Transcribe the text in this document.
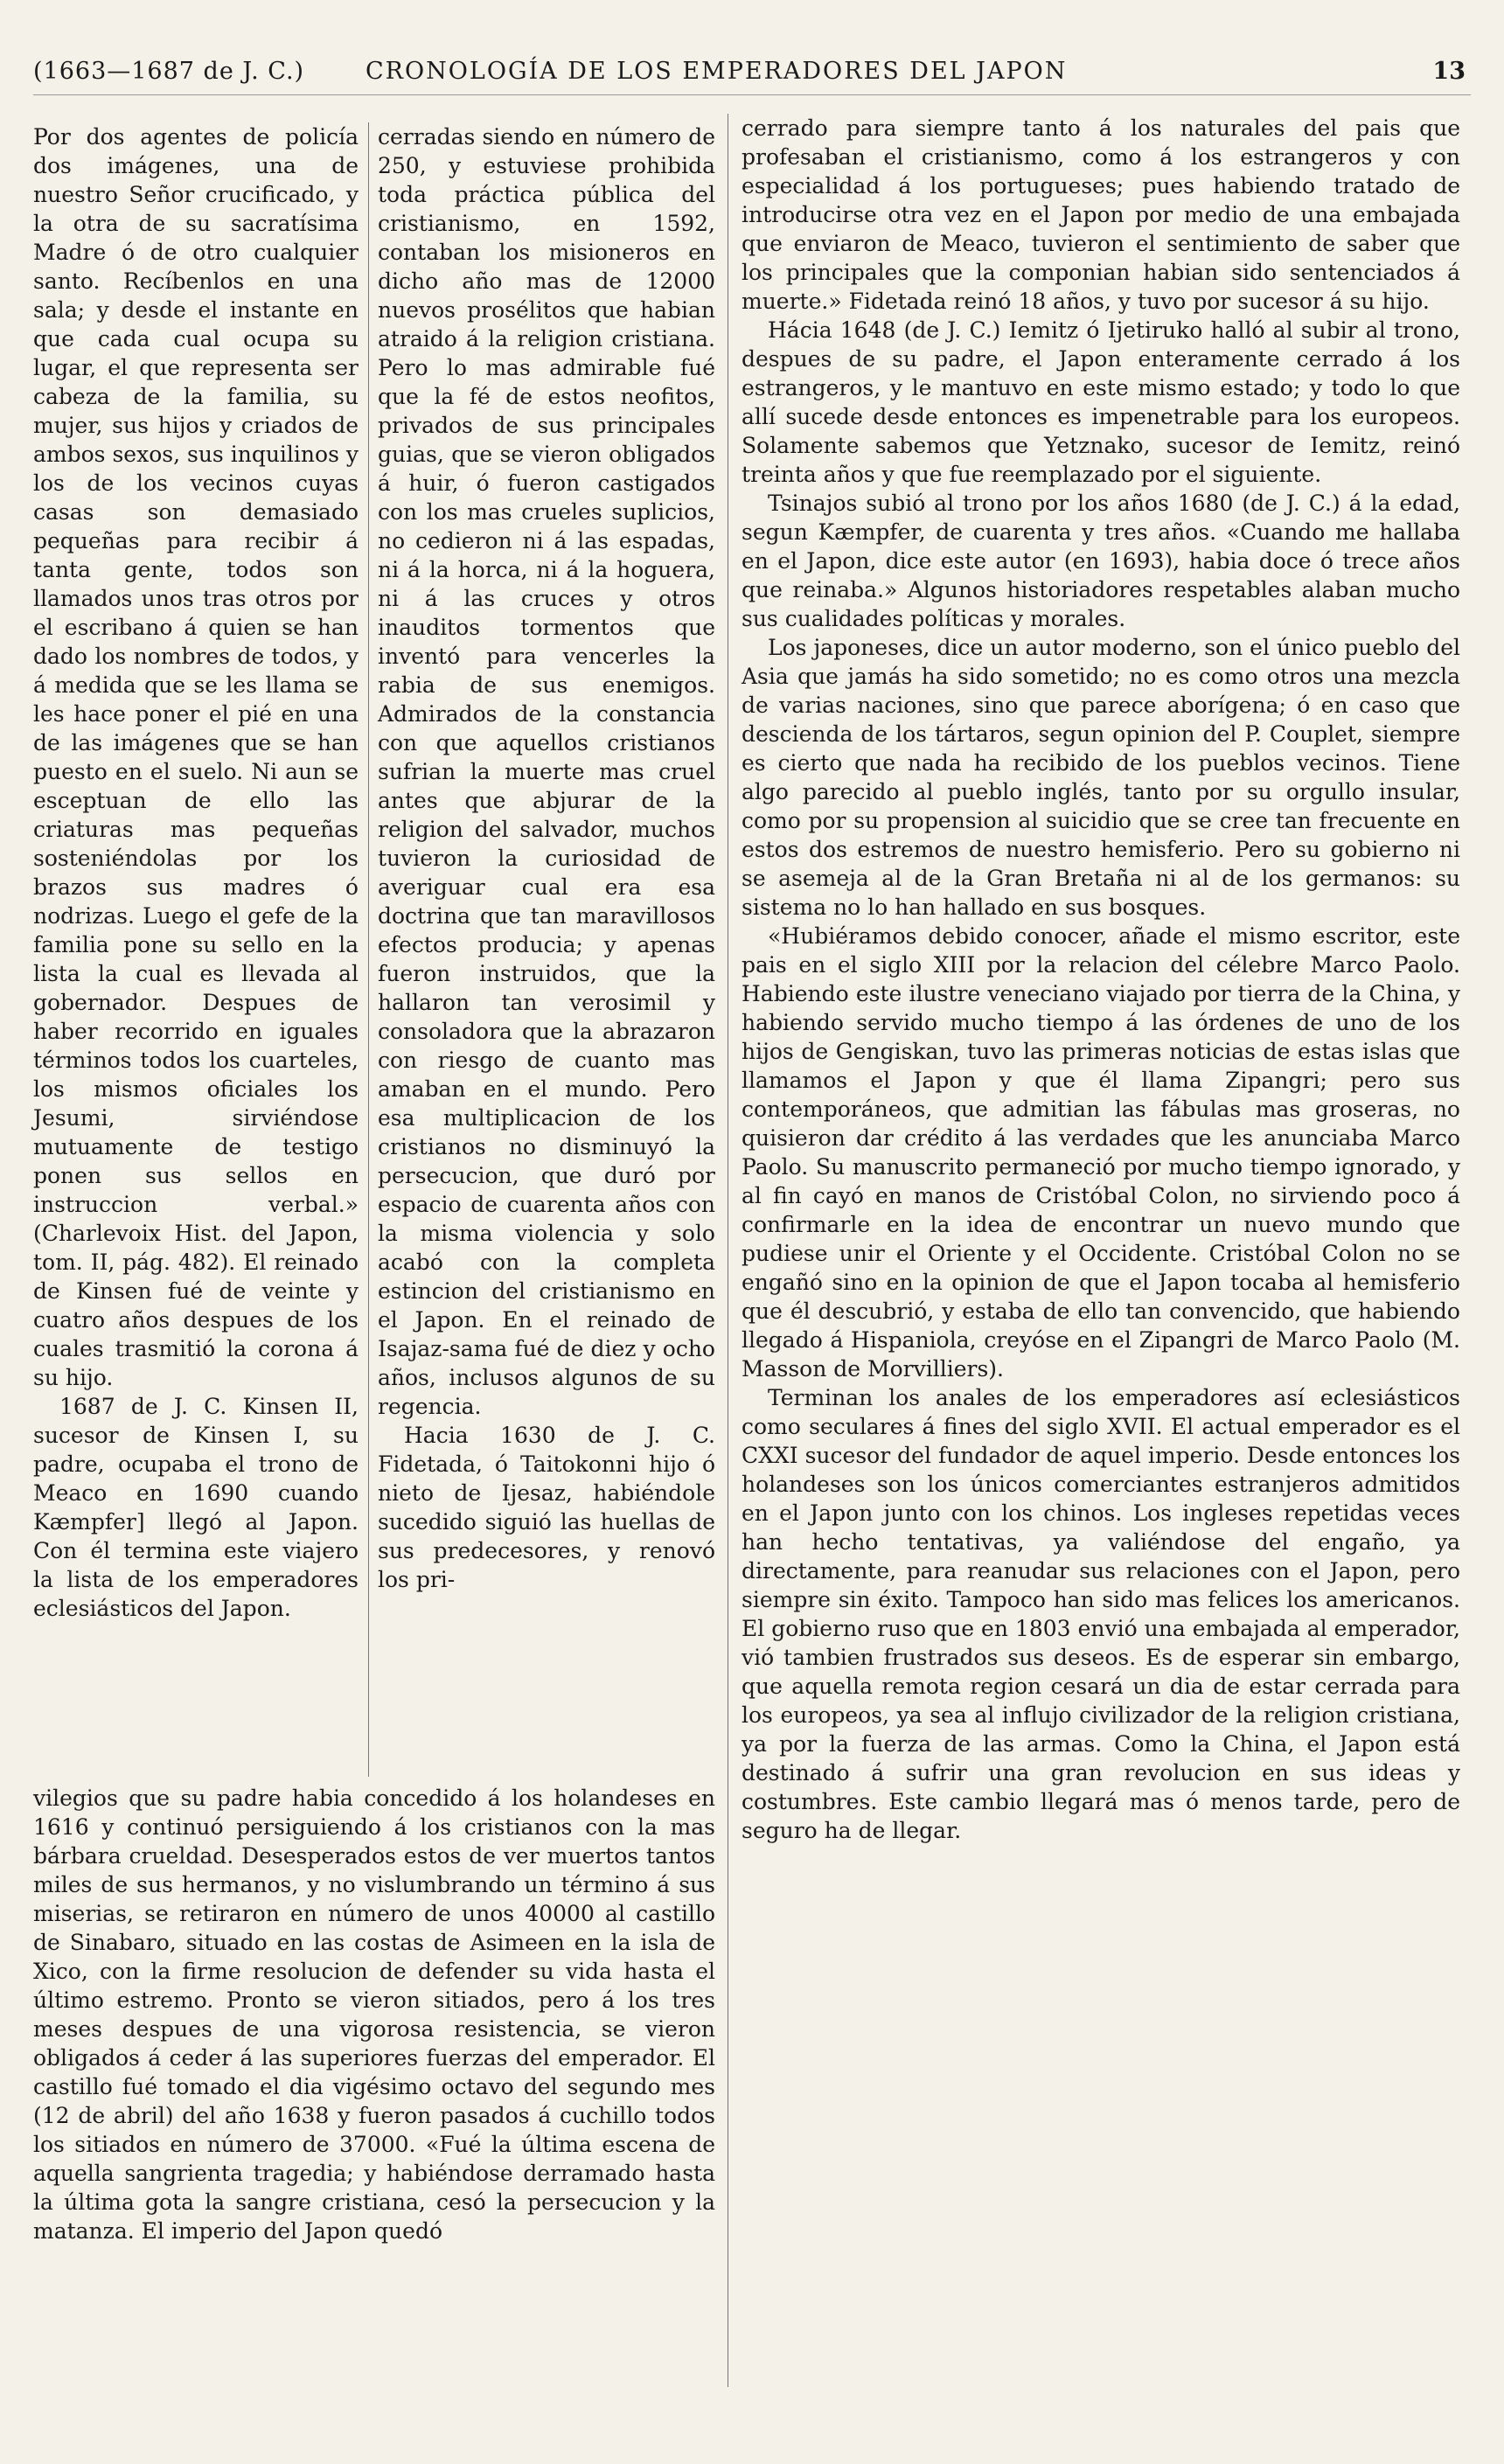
(1663—1687 de J. C.)	CRONOLOGÍA DE LOS EMPERADORES DEL JAPON	13

Por dos agentes de policía dos imágenes, una de nuestro Señor crucificado, y la otra de su sacratísima Madre ó de otro cualquier santo. Recíbenlos en una sala; y desde el instante en que cada cual ocupa su lugar, el que representa ser cabeza de la familia, su mujer, sus hijos y criados de ambos sexos, sus inquilinos y los de los vecinos cuyas casas son demasiado pequeñas para recibir á tanta gente, todos son llamados unos tras otros por el escribano á quien se han dado los nombres de todos, y á medida que se les llama se les hace poner el pié en una de las imágenes que se han puesto en el suelo. Ni aun se esceptuan de ello las criaturas mas pequeñas sosteniéndolas por los brazos sus madres ó nodrizas. Luego el gefe de la familia pone su sello en la lista la cual es llevada al gobernador. Despues de haber recorrido en iguales términos todos los cuarteles, los mismos oficiales los Jesumi, sirviéndose mutuamente de testigo ponen sus sellos en instruccion verbal.» (Charlevoix Hist. del Japon, tom. II, pág. 482). El reinado de Kinsen fué de veinte y cuatro años despues de los cuales trasmitió la corona á su hijo.

1687 de J. C. Kinsen II, sucesor de Kinsen I, su padre, ocupaba el trono de Meaco en 1690 cuando Kæmpfer] llegó al Japon. Con él termina este viajero la lista de los emperadores eclesiásticos del Japon.

cerradas siendo en número de 250, y estuviese prohibida toda práctica pública del cristianismo, en 1592, contaban los misioneros en dicho año mas de 12000 nuevos prosélitos que habian atraido á la religion cristiana. Pero lo mas admirable fué que la fé de estos neofitos, privados de sus principales guias, que se vieron obligados á huir, ó fueron castigados con los mas crueles suplicios, no cedieron ni á las espadas, ni á la horca, ni á la hoguera, ni á las cruces y otros inauditos tormentos que inventó para vencerles la rabia de sus enemigos. Admirados de la constancia con que aquellos cristianos sufrian la muerte mas cruel antes que abjurar de la religion del salvador, muchos tuvieron la curiosidad de averiguar cual era esa doctrina que tan maravillosos efectos producia; y apenas fueron instruidos, que la hallaron tan verosimil y consoladora que la abrazaron con riesgo de cuanto mas amaban en el mundo. Pero esa multiplicacion de los cristianos no disminuyó la persecucion, que duró por espacio de cuarenta años con la misma violencia y solo acabó con la completa estincion del cristianismo en el Japon. En el reinado de Isajaz-sama fué de diez y ocho años, inclusos algunos de su regencia.

Hacia 1630 de J. C. Fidetada, ó Taitokonni hijo ó nieto de Ijesaz, habiéndole sucedido siguió las huellas de sus predecesores, y renovó los pri-

vilegios que su padre habia concedido á los holandeses en 1616 y continuó persiguiendo á los cristianos con la mas bárbara crueldad. Desesperados estos de ver muertos tantos miles de sus hermanos, y no vislumbrando un término á sus miserias, se retiraron en número de unos 40000 al castillo de Sinabaro, situado en las costas de Asimeen en la isla de Xico, con la firme resolucion de defender su vida hasta el último estremo. Pronto se vieron sitiados, pero á los tres meses despues de una vigorosa resistencia, se vieron obligados á ceder á las superiores fuerzas del emperador. El castillo fué tomado el dia vigésimo octavo del segundo mes (12 de abril) del año 1638 y fueron pasados á cuchillo todos los sitiados en número de 37000. «Fué la última escena de aquella sangrienta tragedia; y habiéndose derramado hasta la última gota la sangre cristiana, cesó la persecucion y la matanza. El imperio del Japon quedó

cerrado para siempre tanto á los naturales del pais que profesaban el cristianismo, como á los estrangeros y con especialidad á los portugueses; pues habiendo tratado de introducirse otra vez en el Japon por medio de una embajada que enviaron de Meaco, tuvieron el sentimiento de saber que los principales que la componian habian sido sentenciados á muerte.» Fidetada reinó 18 años, y tuvo por sucesor á su hijo.

Hácia 1648 (de J. C.) Iemitz ó Ijetiruko halló al subir al trono, despues de su padre, el Japon enteramente cerrado á los estrangeros, y le mantuvo en este mismo estado; y todo lo que allí sucede desde entonces es impenetrable para los europeos. Solamente sabemos que Yetznako, sucesor de Iemitz, reinó treinta años y que fue reemplazado por el siguiente.

Tsinajos subió al trono por los años 1680 (de J. C.) á la edad, segun Kæmpfer, de cuarenta y tres años. «Cuando me hallaba en el Japon, dice este autor (en 1693), habia doce ó trece años que reinaba.» Algunos historiadores respetables alaban mucho sus cualidades políticas y morales.

Los japoneses, dice un autor moderno, son el único pueblo del Asia que jamás ha sido sometido; no es como otros una mezcla de varias naciones, sino que parece aborígena; ó en caso que descienda de los tártaros, segun opinion del P. Couplet, siempre es cierto que nada ha recibido de los pueblos vecinos. Tiene algo parecido al pueblo inglés, tanto por su orgullo insular, como por su propension al suicidio que se cree tan frecuente en estos dos estremos de nuestro hemisferio. Pero su gobierno ni se asemeja al de la Gran Bretaña ni al de los germanos: su sistema no lo han hallado en sus bosques.

«Hubiéramos debido conocer, añade el mismo escritor, este pais en el siglo XIII por la relacion del célebre Marco Paolo. Habiendo este ilustre veneciano viajado por tierra de la China, y habiendo servido mucho tiempo á las órdenes de uno de los hijos de Gengiskan, tuvo las primeras noticias de estas islas que llamamos el Japon y que él llama Zipangri; pero sus contemporáneos, que admitian las fábulas mas groseras, no quisieron dar crédito á las verdades que les anunciaba Marco Paolo. Su manuscrito permaneció por mucho tiempo ignorado, y al fin cayó en manos de Cristóbal Colon, no sirviendo poco á confirmarle en la idea de encontrar un nuevo mundo que pudiese unir el Oriente y el Occidente. Cristóbal Colon no se engañó sino en la opinion de que el Japon tocaba al hemisferio que él descubrió, y estaba de ello tan convencido, que habiendo llegado á Hispaniola, creyóse en el Zipangri de Marco Paolo (M. Masson de Morvilliers).

Terminan los anales de los emperadores así eclesiásticos como seculares á fines del siglo XVII. El actual emperador es el CXXI sucesor del fundador de aquel imperio. Desde entonces los holandeses son los únicos comerciantes estranjeros admitidos en el Japon junto con los chinos. Los ingleses repetidas veces han hecho tentativas, ya valiéndose del engaño, ya directamente, para reanudar sus relaciones con el Japon, pero siempre sin éxito. Tampoco han sido mas felices los americanos. El gobierno ruso que en 1803 envió una embajada al emperador, vió tambien frustrados sus deseos. Es de esperar sin embargo, que aquella remota region cesará un dia de estar cerrada para los europeos, ya sea al influjo civilizador de la religion cristiana, ya por la fuerza de las armas. Como la China, el Japon está destinado á sufrir una gran revolucion en sus ideas y costumbres. Este cambio llegará mas ó menos tarde, pero de seguro ha de llegar.
